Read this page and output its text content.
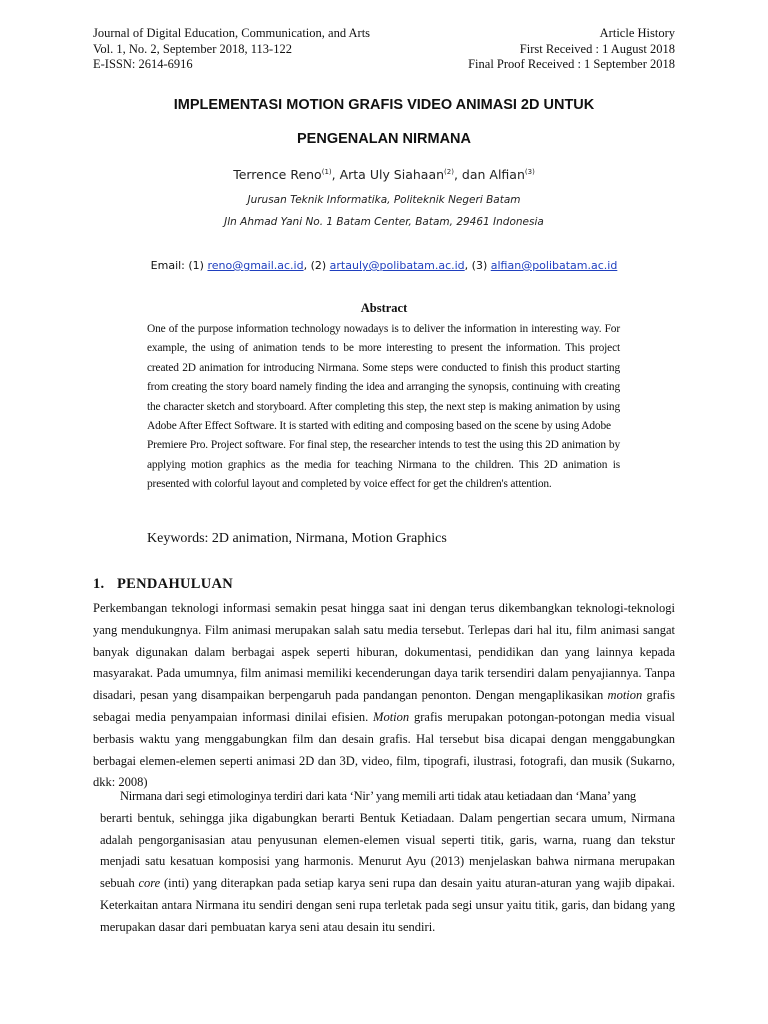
Journal of Digital Education, Communication, and Arts
Vol. 1, No. 2, September 2018, 113-122
E-ISSN: 2614-6916
Article History
First Received : 1 August 2018
Final Proof Received : 1 September 2018
IMPLEMENTASI MOTION GRAFIS VIDEO ANIMASI 2D UNTUK
PENGENALAN NIRMANA
Terrence Reno$^{(1)}$, Arta Uly Siahaan$^{(2)}$, dan Alfian$^{(3)}$
Jurusan Teknik Informatika, Politeknik Negeri Batam
Jln Ahmad Yani No. 1 Batam Center, Batam, 29461 Indonesia
Email: (1) reno@gmail.ac.id, (2) artauly@polibatam.ac.id, (3) alfian@polibatam.ac.id
Abstract

One of the purpose information technology nowadays is to deliver the information in interesting way. For example, the using of animation tends to be more interesting to present the information. This project created 2D animation for introducing Nirmana. Some steps were conducted to finish this product starting from creating the story board namely finding the idea and arranging the synopsis, continuing with creating the character sketch and storyboard. After completing this step, the next step is making animation by using Adobe After Effect Software. It is started with editing and composing based on the scene by using Adobe

Premiere Pro. Project software. For final step, the researcher intends to test the using this 2D animation by applying motion graphics as the media for teaching Nirmana to the children. This 2D animation is presented with colorful layout and completed by voice effect for get the children's attention.

Keywords: 2D animation, Nirmana, Motion Graphics
1. PENDAHULUAN

Perkembangan teknologi informasi semakin pesat hingga saat ini dengan terus dikembangkan teknologi-teknologi yang mendukungnya. Film animasi merupakan salah satu media tersebut. Terlepas dari hal itu, film animasi sangat banyak digunakan dalam berbagai aspek seperti hiburan, dokumentasi, pendidikan dan yang lainnya kepada masyarakat. Pada umumnya, film animasi memiliki kecenderungan daya tarik tersendiri dalam penyajiannya. Tanpa disadari, pesan yang disampaikan berpengaruh pada pandangan penonton. Dengan mengaplikasikan motion grafis sebagai media penyampaian informasi dinilai efisien. Motion grafis merupakan potongan-potongan media visual berbasis waktu yang menggabungkan film dan desain grafis. Hal tersebut bisa dicapai dengan menggabungkan berbagai elemen-elemen seperti animasi 2D dan 3D, video, film, tipografi, ilustrasi, fotografi, dan musik (Sukarno, dkk: 2008)

Nirmana dari segi etimologinya terdiri dari kata ‘Nir’ yang memili arti tidak atau ketiadaan dan ‘Mana’ yang
berarti bentuk, sehingga jika digabungkan berarti Bentuk Ketiadaan. Dalam pengertian secara umum, Nirmana adalah pengorganisasian atau penyusunan elemen-elemen visual seperti titik, garis, warna, ruang dan tekstur menjadi satu kesatuan komposisi yang harmonis. Menurut Ayu (2013) menjelaskan bahwa nirmana merupakan sebuah core (inti) yang diterapkan pada setiap karya seni rupa dan desain yaitu aturan-aturan yang wajib dipakai. Keterkaitan antara Nirmana itu sendiri dengan seni rupa terletak pada segi unsur yaitu titik, garis, dan bidang yang merupakan dasar dari pembuatan karya seni atau desain itu sendiri.
